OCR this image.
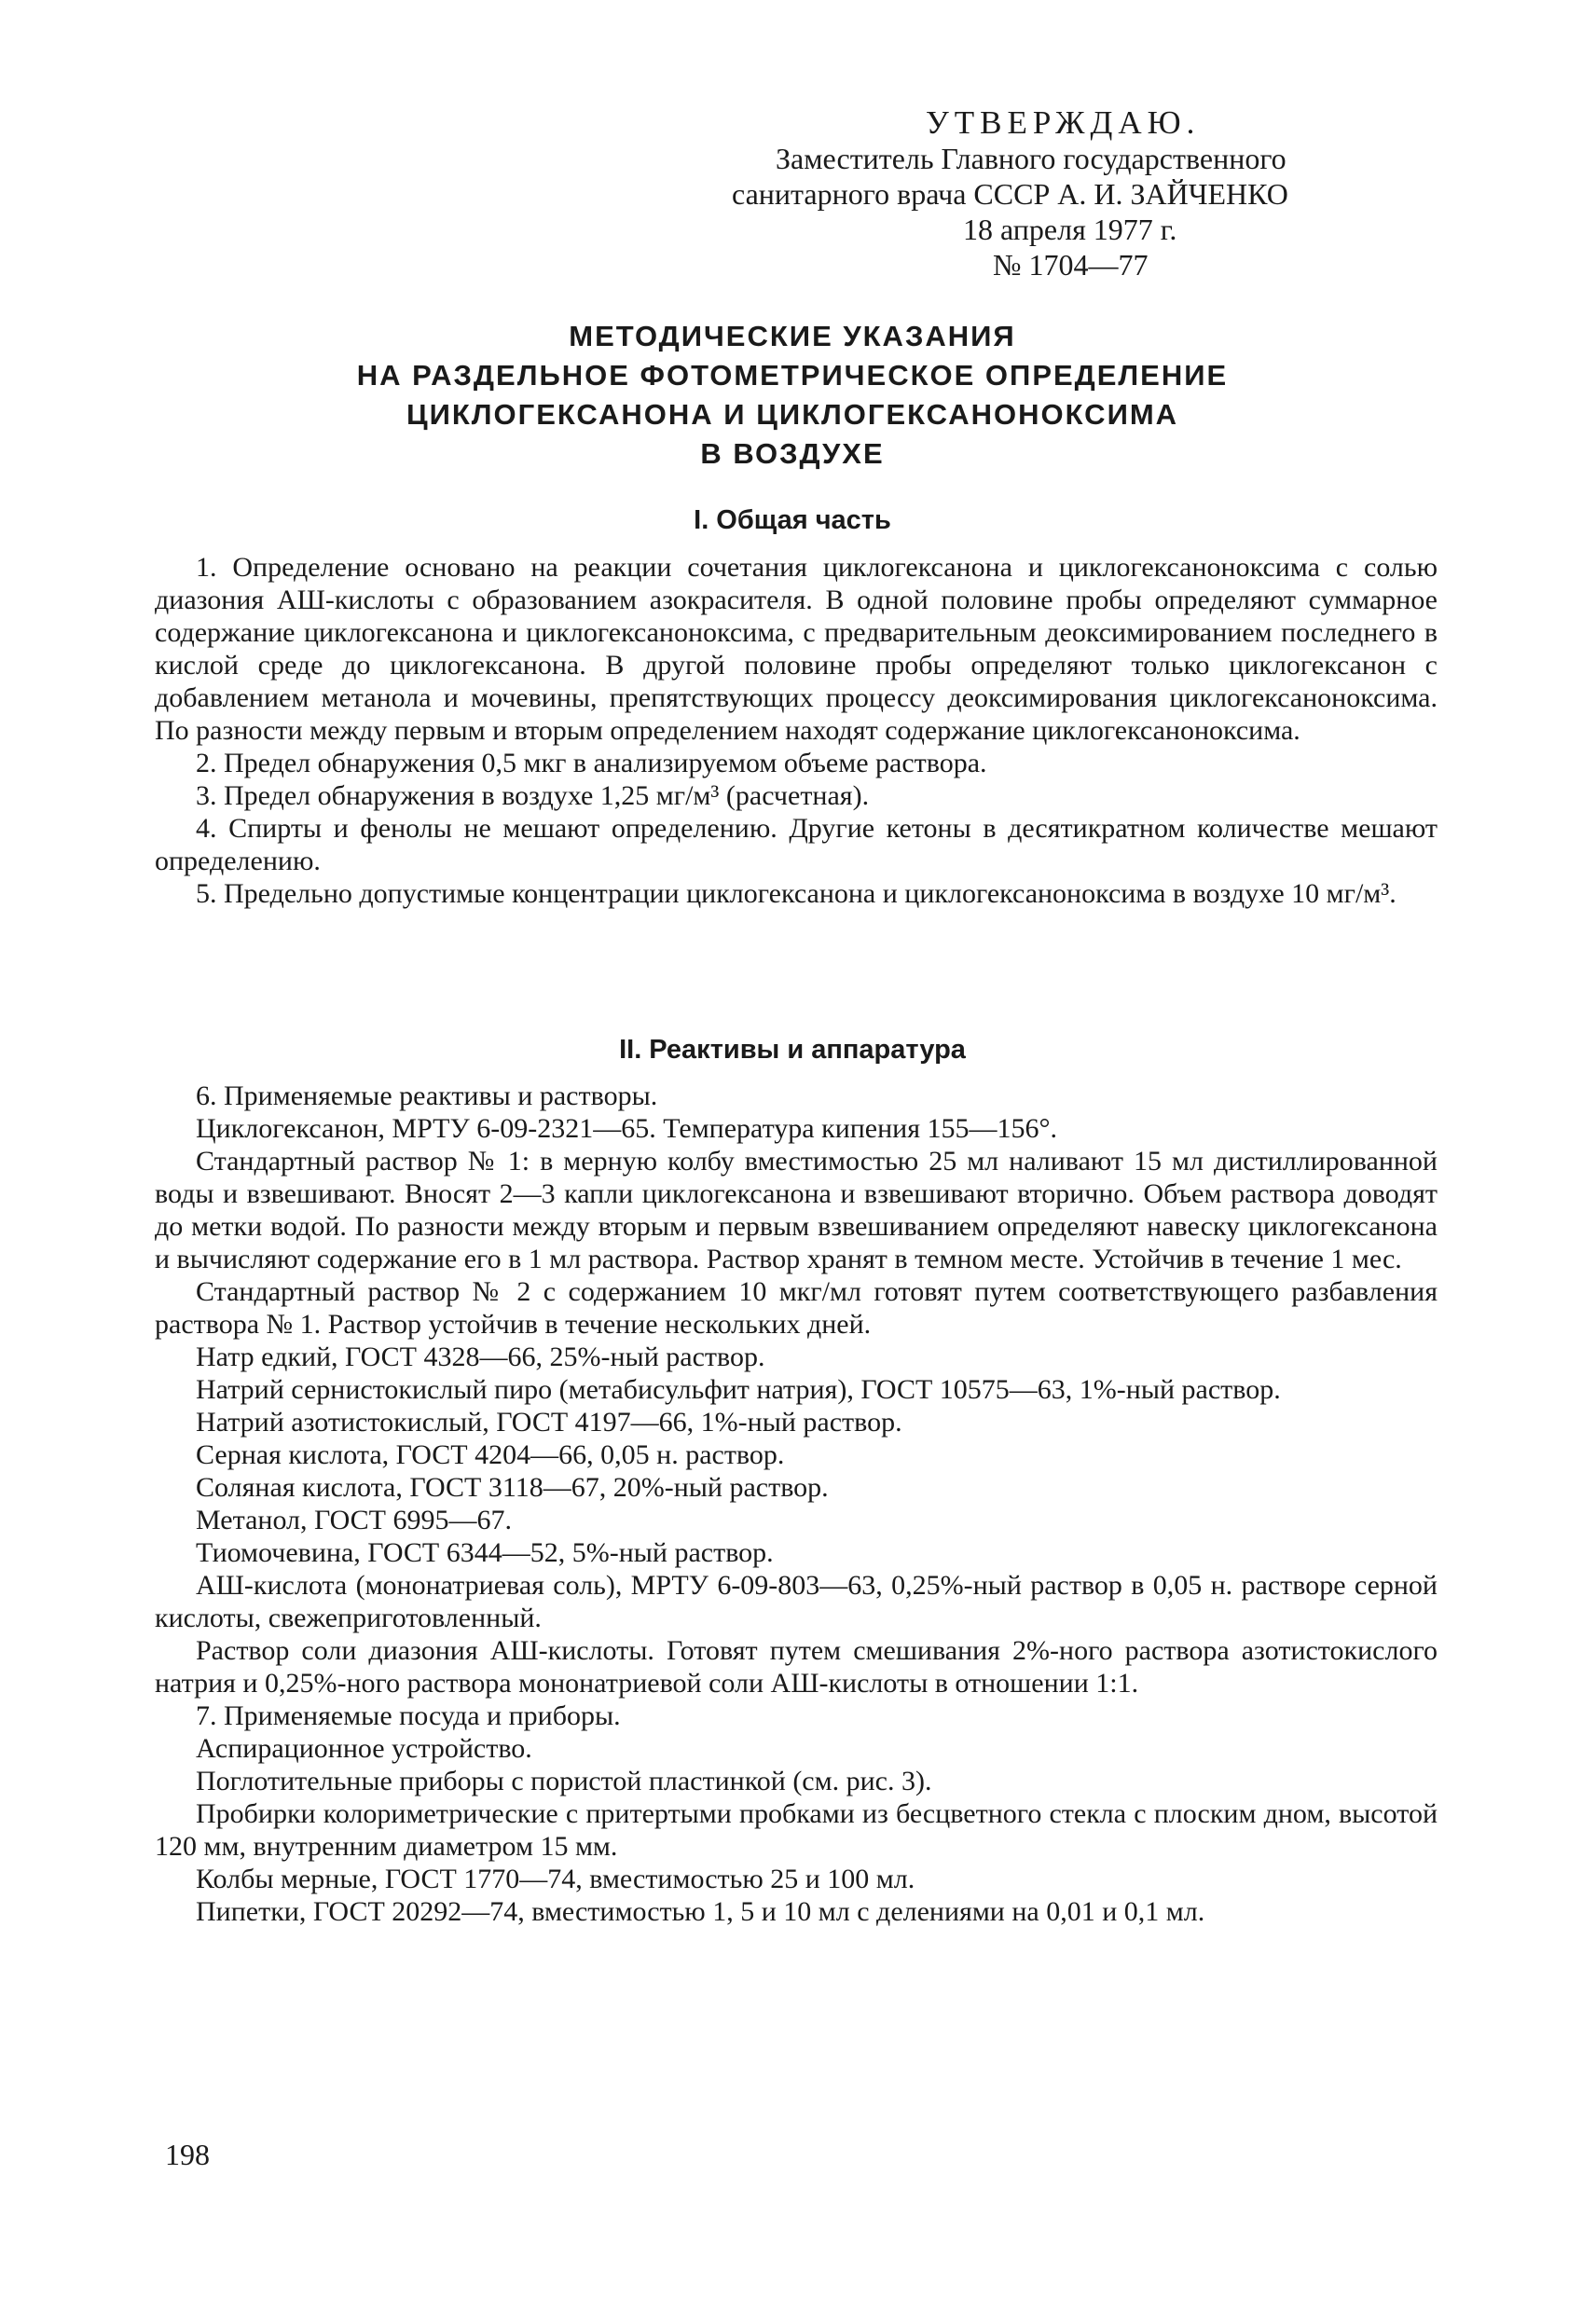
УТВЕРЖДАЮ.
Заместитель Главного государственного
санитарного врача СССР А. И. ЗАЙЧЕНКО
18 апреля 1977 г.
№ 1704—77
МЕТОДИЧЕСКИЕ УКАЗАНИЯ
НА РАЗДЕЛЬНОЕ ФОТОМЕТРИЧЕСКОЕ ОПРЕДЕЛЕНИЕ
ЦИКЛОГЕКСАНОНА И ЦИКЛОГЕКСАНОНОКСИМА
В ВОЗДУХЕ
I. Общая часть

1. Определение основано на реакции сочетания циклогексанона и циклогексаноноксима с солью диазония АШ-кислоты с образованием азокрасителя. В одной половине пробы определяют суммарное содержание циклогексанона и циклогексаноноксима, с предварительным деоксимированием последнего в кислой среде до циклогексанона. В другой половине пробы определяют только циклогексанон с добавлением метанола и мочевины, препятствующих процессу деоксимирования циклогексаноноксима. По разности между первым и вторым определением находят содержание циклогексаноноксима.

2. Предел обнаружения 0,5 мкг в анализируемом объеме раствора.

3. Предел обнаружения в воздухе 1,25 мг/м³ (расчетная).

4. Спирты и фенолы не мешают определению. Другие кетоны в десятикратном количестве мешают определению.

5. Предельно допустимые концентрации циклогексанона и циклогексаноноксима в воздухе 10 мг/м³.

II. Реактивы и аппаратура

6. Применяемые реактивы и растворы.

Циклогексанон, МРТУ 6-09-2321—65. Температура кипения 155—156°.

Стандартный раствор № 1: в мерную колбу вместимостью 25 мл наливают 15 мл дистиллированной воды и взвешивают. Вносят 2—3 капли циклогексанона и взвешивают вторично. Объем раствора доводят до метки водой. По разности между вторым и первым взвешиванием определяют навеску циклогексанона и вычисляют содержание его в 1 мл раствора. Раствор хранят в темном месте. Устойчив в течение 1 мес.

Стандартный раствор № 2 с содержанием 10 мкг/мл готовят путем соответствующего разбавления раствора № 1. Раствор устойчив в течение нескольких дней.

Натр едкий, ГОСТ 4328—66, 25%-ный раствор.

Натрий сернистокислый пиро (метабисульфит натрия), ГОСТ 10575—63, 1%-ный раствор.

Натрий азотистокислый, ГОСТ 4197—66, 1%-ный раствор.

Серная кислота, ГОСТ 4204—66, 0,05 н. раствор.

Соляная кислота, ГОСТ 3118—67, 20%-ный раствор.

Метанол, ГОСТ 6995—67.

Тиомочевина, ГОСТ 6344—52, 5%-ный раствор.

АШ-кислота (мононатриевая соль), МРТУ 6-09-803—63, 0,25%-ный раствор в 0,05 н. растворе серной кислоты, свежеприготовленный.

Раствор соли диазония АШ-кислоты. Готовят путем смешивания 2%-ного раствора азотистокислого натрия и 0,25%-ного раствора мононатриевой соли АШ-кислоты в отношении 1:1.

7. Применяемые посуда и приборы.

Аспирационное устройство.

Поглотительные приборы с пористой пластинкой (см. рис. 3).

Пробирки колориметрические с притертыми пробками из бесцветного стекла с плоским дном, высотой 120 мм, внутренним диаметром 15 мм.

Колбы мерные, ГОСТ 1770—74, вместимостью 25 и 100 мл.

Пипетки, ГОСТ 20292—74, вместимостью 1, 5 и 10 мл с делениями на 0,01 и 0,1 мл.

198
